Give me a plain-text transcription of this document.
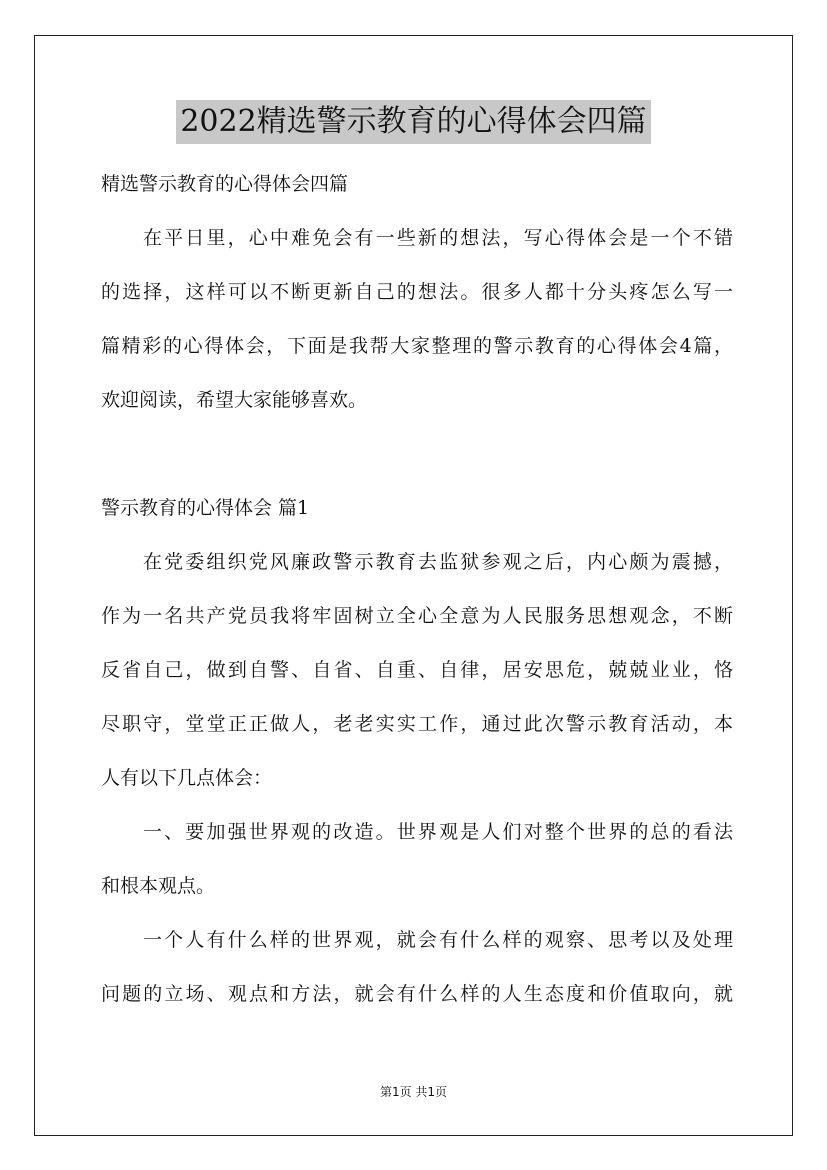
2022精选警示教育的心得体会四篇
精选警示教育的心得体会四篇
在平日里，心中难免会有一些新的想法，写心得体会是一个不错
的选择，这样可以不断更新自己的想法。很多人都十分头疼怎么写一
篇精彩的心得体会，下面是我帮大家整理的警示教育的心得体会4篇，
欢迎阅读，希望大家能够喜欢。
警示教育的心得体会 篇1
在党委组织党风廉政警示教育去监狱参观之后，内心颇为震撼，
作为一名共产党员我将牢固树立全心全意为人民服务思想观念，不断
反省自己，做到自警、自省、自重、自律，居安思危，兢兢业业，恪
尽职守，堂堂正正做人，老老实实工作，通过此次警示教育活动，本
人有以下几点体会：
一、要加强世界观的改造。世界观是人们对整个世界的总的看法
和根本观点。
一个人有什么样的世界观，就会有什么样的观察、思考以及处理
问题的立场、观点和方法，就会有什么样的人生态度和价值取向，就
第1页 共1页
